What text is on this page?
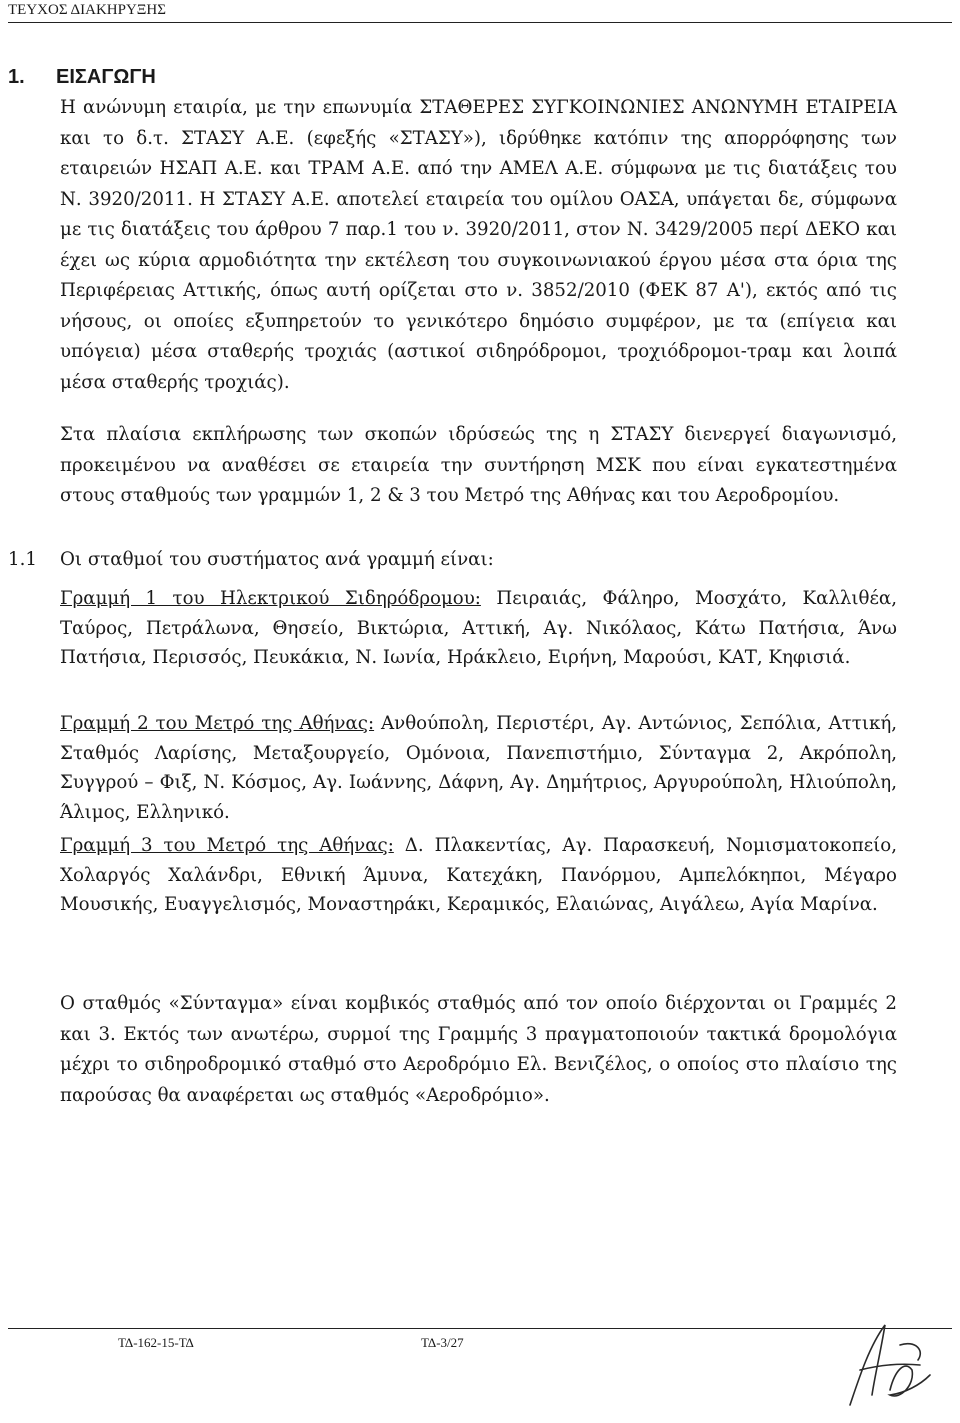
ΤΕΥΧΟΣ ΔΙΑΚΗΡΥΞΗΣ
1. ΕΙΣΑΓΩΓΗ
Η ανώνυμη εταιρία, με την επωνυμία ΣΤΑΘΕΡΕΣ ΣΥΓΚΟΙΝΩΝΙΕΣ ΑΝΩΝΥΜΗ ΕΤΑΙΡΕΙΑ και το δ.τ. ΣΤΑΣΥ Α.Ε. (εφεξής «ΣΤΑΣΥ»), ιδρύθηκε κατόπιν της απορρόφησης των εταιρειών ΗΣΑΠ Α.Ε. και ΤΡΑΜ Α.Ε. από την ΑΜΕΛ Α.Ε. σύμφωνα με τις διατάξεις του Ν. 3920/2011. Η ΣΤΑΣΥ Α.Ε. αποτελεί εταιρεία του ομίλου ΟΑΣΑ, υπάγεται δε, σύμφωνα με τις διατάξεις του άρθρου 7 παρ.1 του ν. 3920/2011, στον Ν. 3429/2005 περί ΔΕΚΟ και έχει ως κύρια αρμοδιότητα την εκτέλεση του συγκοινωνιακού έργου μέσα στα όρια της Περιφέρειας Αττικής, όπως αυτή ορίζεται στο ν. 3852/2010 (ΦΕΚ 87 Α'), εκτός από τις νήσους, οι οποίες εξυπηρετούν το γενικότερο δημόσιο συμφέρον, με τα (επίγεια και υπόγεια) μέσα σταθερής τροχιάς (αστικοί σιδηρόδρομοι, τροχιόδρομοι-τραμ και λοιπά μέσα σταθερής τροχιάς).
Στα πλαίσια εκπλήρωσης των σκοπών ιδρύσεώς της η ΣΤΑΣΥ διενεργεί διαγωνισμό, προκειμένου να αναθέσει σε εταιρεία την συντήρηση ΜΣΚ που είναι εγκατεστημένα στους σταθμούς των γραμμών 1, 2 & 3 του Μετρό της Αθήνας και του Αεροδρομίου.
1.1 Οι σταθμοί του συστήματος ανά γραμμή είναι:
Γραμμή 1 του Ηλεκτρικού Σιδηρόδρομου: Πειραιάς, Φάληρο, Μοσχάτο, Καλλιθέα, Ταύρος, Πετράλωνα, Θησείο, Βικτώρια, Αττική, Αγ. Νικόλαος, Κάτω Πατήσια, Άνω Πατήσια, Περισσός, Πευκάκια, Ν. Ιωνία, Ηράκλειο, Ειρήνη, Μαρούσι, ΚΑΤ, Κηφισιά.
Γραμμή 2 του Μετρό της Αθήνας: Ανθούπολη, Περιστέρι, Αγ. Αντώνιος, Σεπόλια, Αττική, Σταθμός Λαρίσης, Μεταξουργείο, Ομόνοια, Πανεπιστήμιο, Σύνταγμα 2, Ακρόπολη, Συγγρού – Φιξ, Ν. Κόσμος, Αγ. Ιωάννης, Δάφνη, Αγ. Δημήτριος, Αργυρούπολη, Ηλιούπολη, Άλιμος, Ελληνικό.
Γραμμή 3 του Μετρό της Αθήνας: Δ. Πλακεντίας, Αγ. Παρασκευή, Νομισματοκοπείο, Χολαργός Χαλάνδρι, Εθνική Άμυνα, Κατεχάκη, Πανόρμου, Αμπελόκηποι, Μέγαρο Μουσικής, Ευαγγελισμός, Μοναστηράκι, Κεραμικός, Ελαιώνας, Αιγάλεω, Αγία Μαρίνα.
Ο σταθμός «Σύνταγμα» είναι κομβικός σταθμός από τον οποίο διέρχονται οι Γραμμές 2 και 3. Εκτός των ανωτέρω, συρμοί της Γραμμής 3 πραγματοποιούν τακτικά δρομολόγια μέχρι το σιδηροδρομικό σταθμό στο Αεροδρόμιο Ελ. Βενιζέλος, ο οποίος στο πλαίσιο της παρούσας θα αναφέρεται ως σταθμός «Αεροδρόμιο».
ΤΔ-162-15-ΤΔ	ΤΔ-3/27
